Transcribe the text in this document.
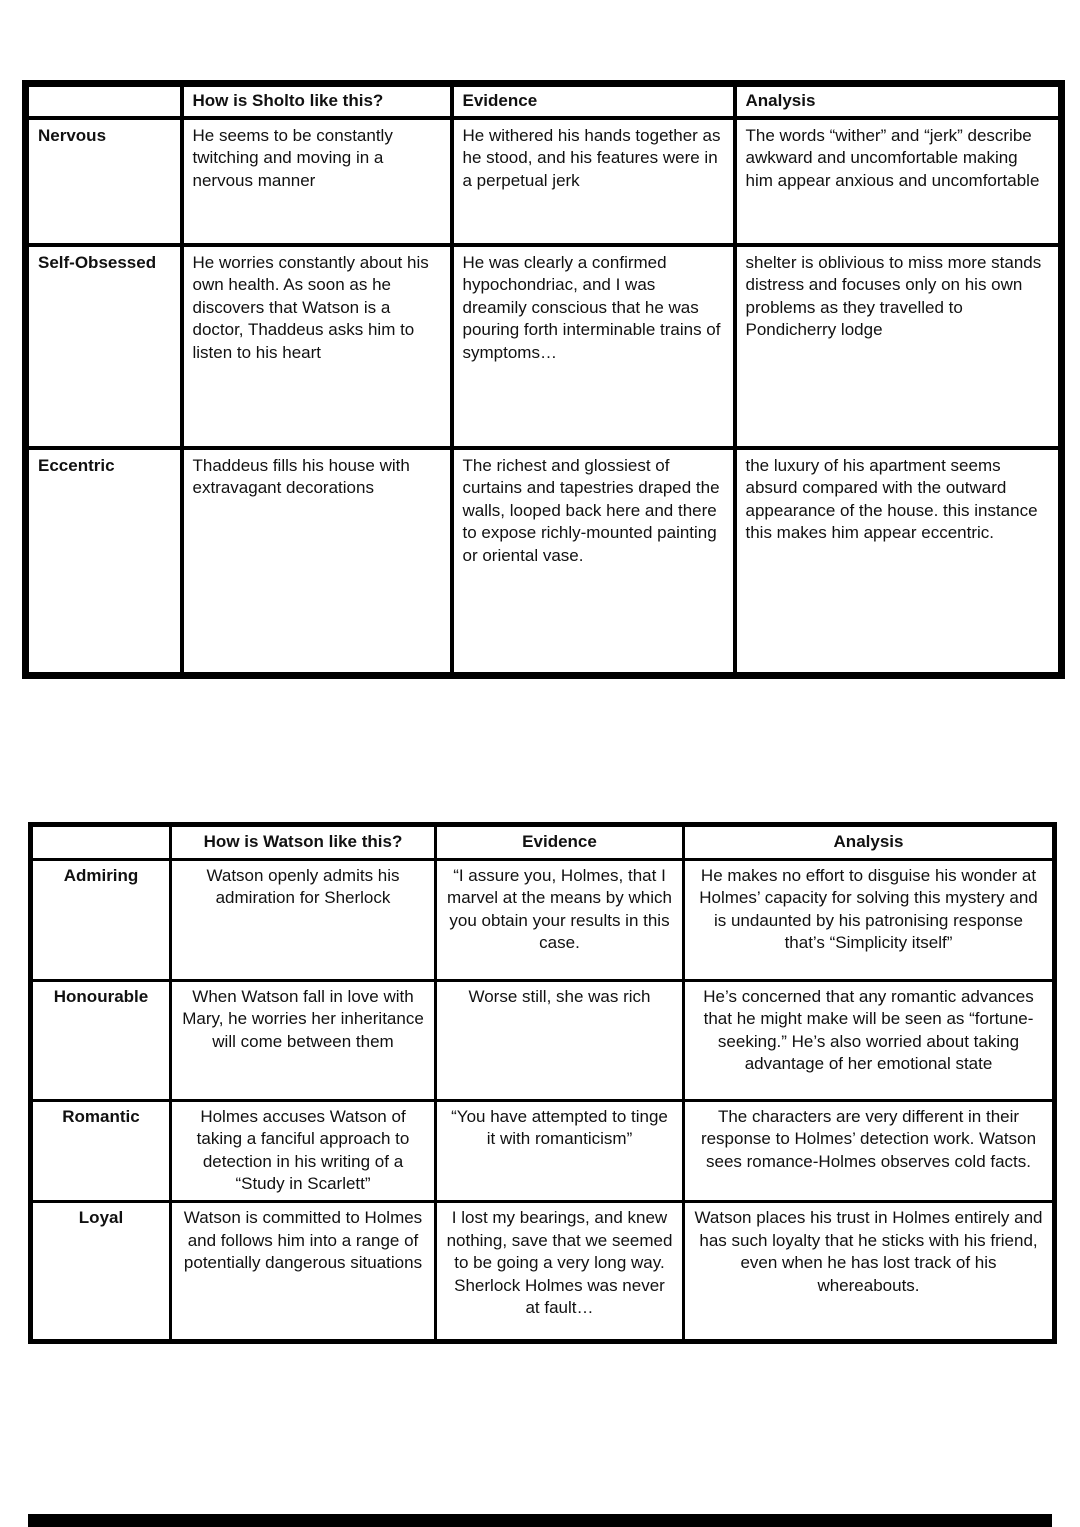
	How is Sholto like this?	Evidence	Analysis
Nervous	He seems to be constantly twitching and moving in a nervous manner	He withered his hands together as he stood, and his features were in a perpetual jerk	The words “wither” and “jerk” describe awkward and uncomfortable making him appear anxious and uncomfortable
Self-Obsessed	He worries constantly about his own health. As soon as he discovers that Watson is a doctor, Thaddeus asks him to listen to his heart	He was clearly a confirmed hypochondriac, and I was dreamily conscious that he was pouring forth interminable trains of symptoms…	shelter is oblivious to miss more stands distress and focuses only on his own problems as they travelled to Pondicherry lodge
Eccentric	Thaddeus fills his house with extravagant decorations	The richest and glossiest of curtains and tapestries draped the walls, looped back here and there to expose richly-mounted painting or oriental vase.	the luxury of his apartment seems absurd compared with the outward appearance of the house. this instance this makes him appear eccentric.
	How is Watson like this?	Evidence	Analysis
Admiring	Watson openly admits his admiration for Sherlock	“I assure you, Holmes, that I marvel at the means by which you obtain your results in this case.	He makes no effort to disguise his wonder at Holmes’ capacity for solving this mystery and is undaunted by his patronising response that’s “Simplicity itself”
Honourable	When Watson fall in love with Mary, he worries her inheritance will come between them	Worse still, she was rich	He’s concerned that any romantic advances that he might make will be seen as “fortune-seeking.” He’s also worried about taking advantage of her emotional state
Romantic	Holmes accuses Watson of taking a fanciful approach to detection in his writing of a “Study in Scarlett”	“You have attempted to tinge it with romanticism”	The characters are very different in their response to Holmes’ detection work. Watson sees romance-Holmes observes cold facts.
Loyal	Watson is committed to Holmes and follows him into a range of potentially dangerous situations	I lost my bearings, and knew nothing, save that we seemed to be going a very long way. Sherlock Holmes was never at fault…	Watson places his trust in Holmes entirely and has such loyalty that he sticks with his friend, even when he has lost track of his whereabouts.
